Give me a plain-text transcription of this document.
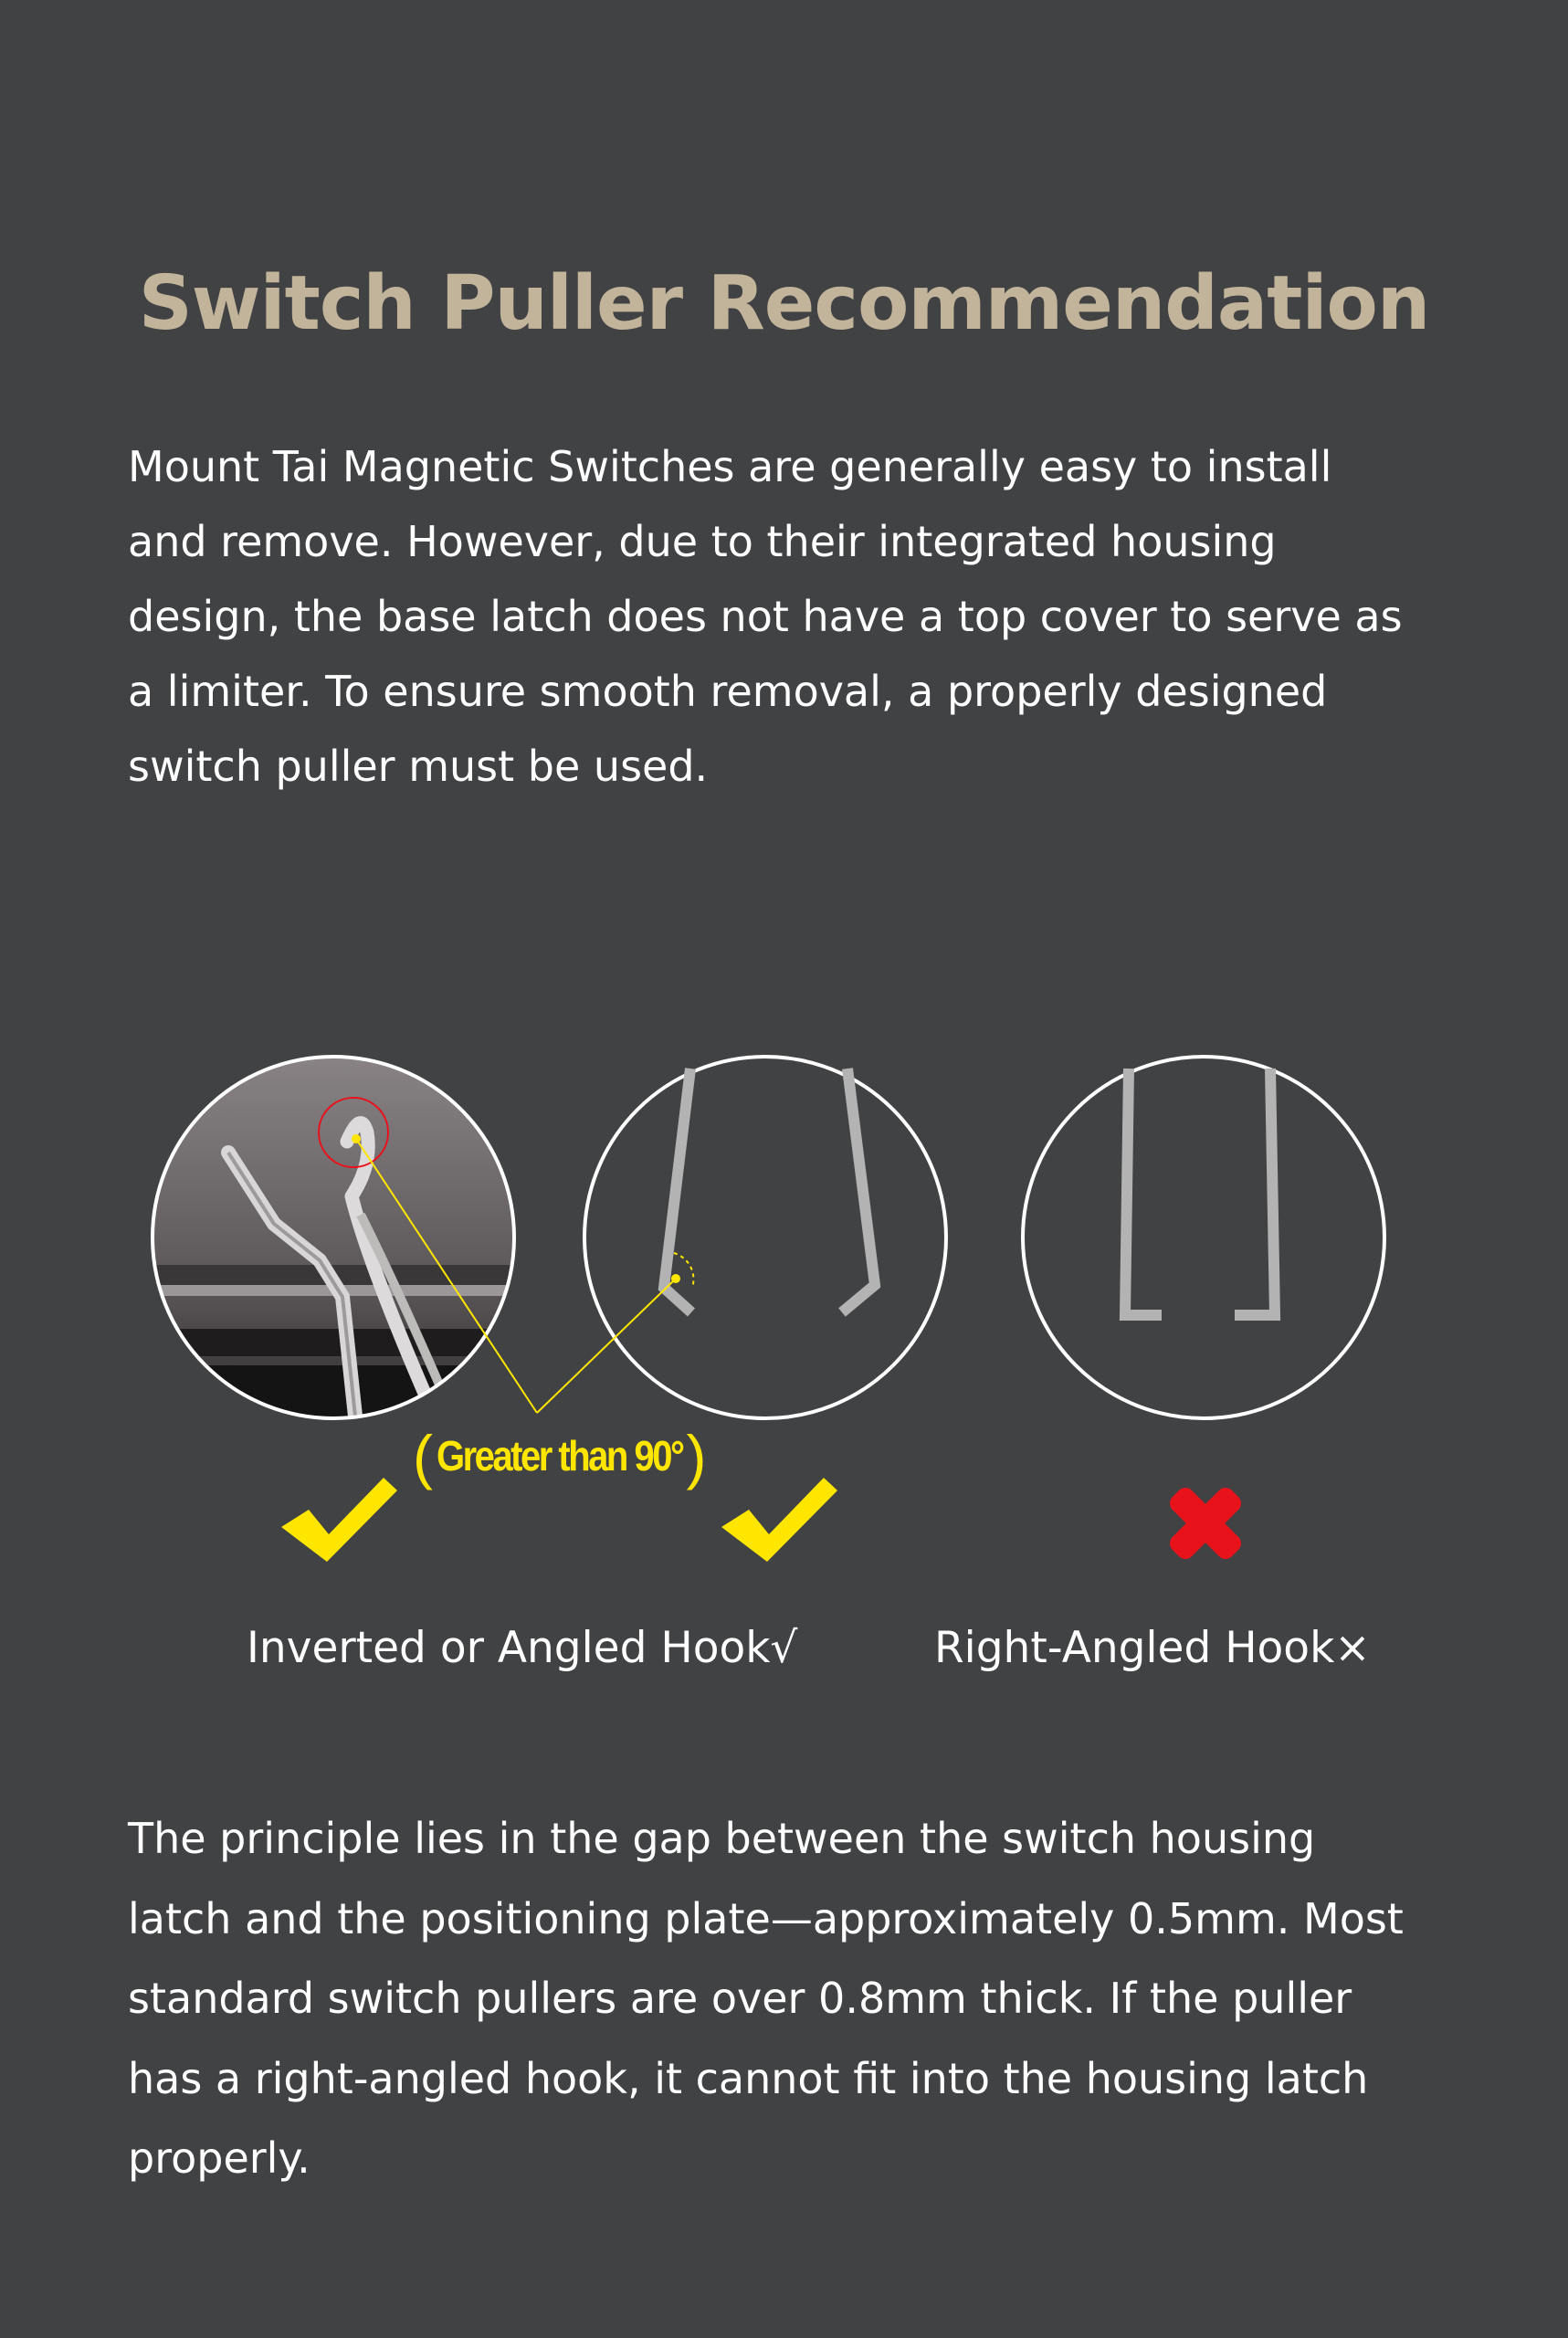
Switch Puller Recommendation
Mount Tai Magnetic Switches are generally easy to install
and remove. However, due to their integrated housing
design, the base latch does not have a top cover to serve as
a limiter. To ensure smooth removal, a properly designed
switch puller must be used.
( Greater than 90° )
Inverted or Angled Hook√	Right-Angled Hook×
The principle lies in the gap between the switch housing
latch and the positioning plate—approximately 0.5mm. Most
standard switch pullers are over 0.8mm thick. If the puller
has a right-angled hook, it cannot fit into the housing latch
properly.
